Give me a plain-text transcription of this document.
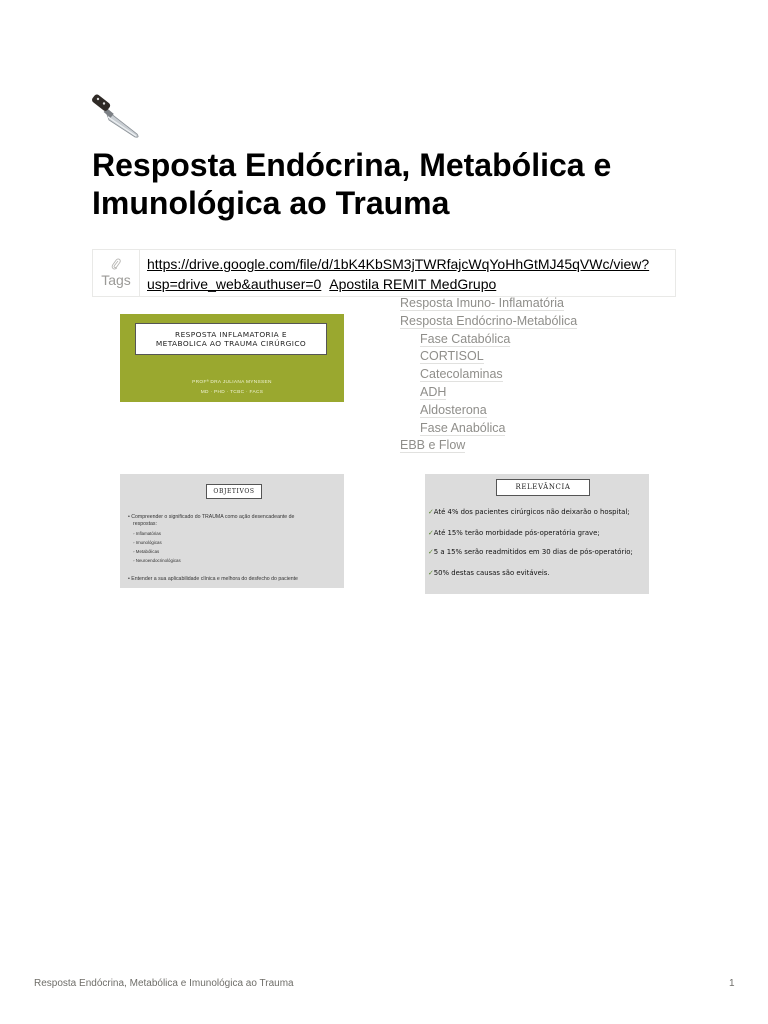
Resposta Endócrina, Metabólica e Imunológica ao Trauma
Tags
https://drive.google.com/file/d/1bK4KbSM3jTWRfajcWqYoHhGtMJ45qVWc/view?
usp=drive_web&authuser=0 Apostila REMIT MedGrupo
Resposta Imuno- Inflamatória
Resposta Endócrino-Metabólica
Fase Catabólica
CORTISOL
Catecolaminas
ADH
Aldosterona
Fase Anabólica
EBB e Flow
RESPOSTA INFLAMATORIA E
METABOLICA AO TRAUMA CIRÚRGICO
PROFª DRA JULIANA MYNSSEN
MD · PHD · TCBC · FACS
OBJETIVOS
• Compreender o significado do TRAUMA como ação desencadeante de
respostas:
◦ Inflamatórias
◦ Imunológicas
◦ Metabólicas
◦ Neuroendocrinológicas
• Entender a sua aplicabilidade clínica e melhora do desfecho do paciente
RELEVÂNCIA
✓Até 4% dos pacientes cirúrgicos não deixarão o hospital;
✓Até 15% terão morbidade pós-operatória grave;
✓5 a 15% serão readmitidos em 30 dias de pós-operatório;
✓50% destas causas são evitáveis.
Resposta Endócrina, Metabólica e Imunológica ao Trauma	1
